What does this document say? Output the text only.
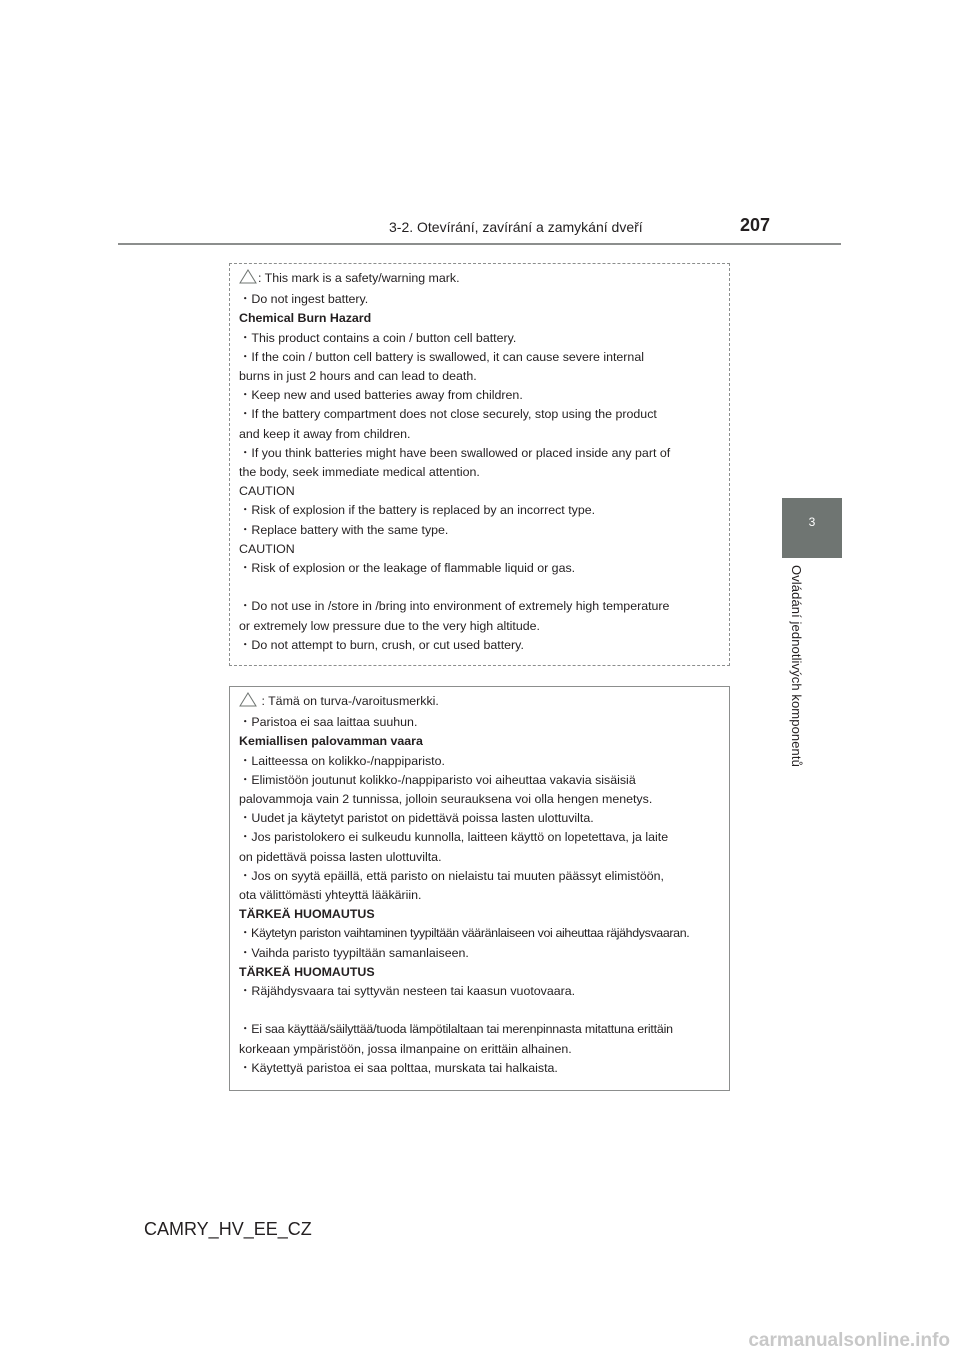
3-2. Otevírání, zavírání a zamykání dveří	207
3
Ovládání jednotlivých komponentů
: This mark is a safety/warning mark.
・Do not ingest battery.
Chemical Burn Hazard
・This product contains a coin / button cell battery.
・If the coin / button cell battery is swallowed, it can cause severe internal
burns in just 2 hours and can lead to death.
・Keep new and used batteries away from children.
・If the battery compartment does not close securely, stop using the product
and keep it away from children.
・If you think batteries might have been swallowed or placed inside any part of
the body, seek immediate medical attention.
CAUTION
・Risk of explosion if the battery is replaced by an incorrect type.
・Replace battery with the same type.
CAUTION
・Risk of explosion or the leakage of flammable liquid or gas.
・Do not use in /store in /bring into environment of extremely high temperature
or extremely low pressure due to the very high altitude.
・Do not attempt to burn, crush, or cut used battery.
: Tämä on turva-/varoitusmerkki.
・Paristoa ei saa laittaa suuhun.
Kemiallisen palovamman vaara
・Laitteessa on kolikko-/nappiparisto.
・Elimistöön joutunut kolikko-/nappiparisto voi aiheuttaa vakavia sisäisiä
palovammoja vain 2 tunnissa, jolloin seurauksena voi olla hengen menetys.
・Uudet ja käytetyt paristot on pidettävä poissa lasten ulottuvilta.
・Jos paristolokero ei sulkeudu kunnolla, laitteen käyttö on lopetettava, ja laite
on pidettävä poissa lasten ulottuvilta.
・Jos on syytä epäillä, että paristo on nielaistu tai muuten päässyt elimistöön,
ota välittömästi yhteyttä lääkäriin.
TÄRKEÄ HUOMAUTUS
・Käytetyn pariston vaihtaminen tyypiltään vääränlaiseen voi aiheuttaa räjähdysvaaran.
・Vaihda paristo tyypiltään samanlaiseen.
TÄRKEÄ HUOMAUTUS
・Räjähdysvaara tai syttyvän nesteen tai kaasun vuotovaara.
・Ei saa käyttää/säilyttää/tuoda lämpötilaltaan tai merenpinnasta mitattuna erittäin
korkeaan ympäristöön, jossa ilmanpaine on erittäin alhainen.
・Käytettyä paristoa ei saa polttaa, murskata tai halkaista.
CAMRY_HV_EE_CZ
carmanualsonline.info
